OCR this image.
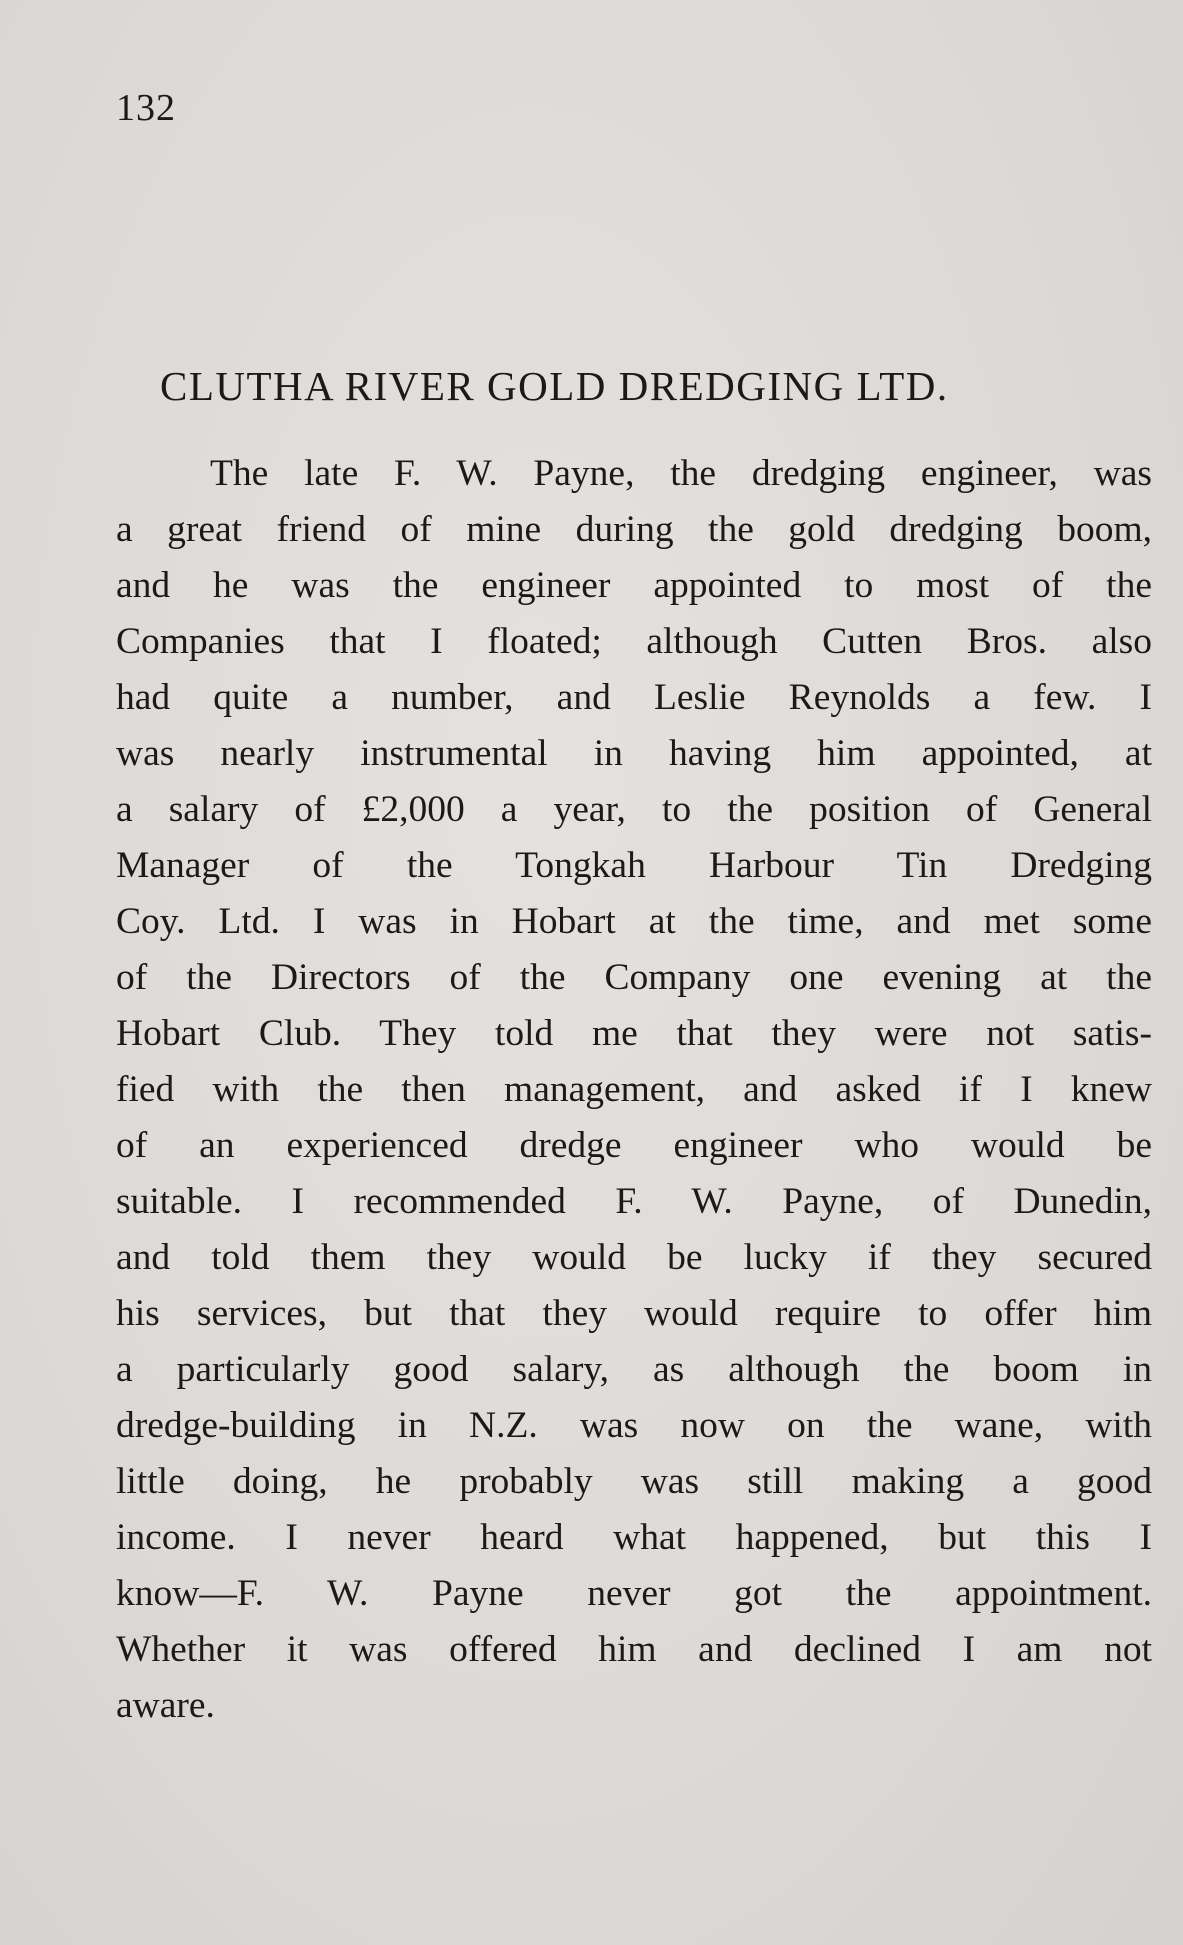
132
CLUTHA RIVER GOLD DREDGING LTD.
The late F. W. Payne, the dredging engineer, was
a great friend of mine during the gold dredging boom,
and he was the engineer appointed to most of the
Companies that I floated; although Cutten Bros. also
had quite a number, and Leslie Reynolds a few. I
was nearly instrumental in having him appointed, at
a salary of £2,000 a year, to the position of General
Manager of the Tongkah Harbour Tin Dredging
Coy. Ltd. I was in Hobart at the time, and met some
of the Directors of the Company one evening at the
Hobart Club. They told me that they were not satis-
fied with the then management, and asked if I knew
of an experienced dredge engineer who would be
suitable. I recommended F. W. Payne, of Dunedin,
and told them they would be lucky if they secured
his services, but that they would require to offer him
a particularly good salary, as although the boom in
dredge-building in N.Z. was now on the wane, with
little doing, he probably was still making a good
income. I never heard what happened, but this I
know—F. W. Payne never got the appointment.
Whether it was offered him and declined I am not
aware.
